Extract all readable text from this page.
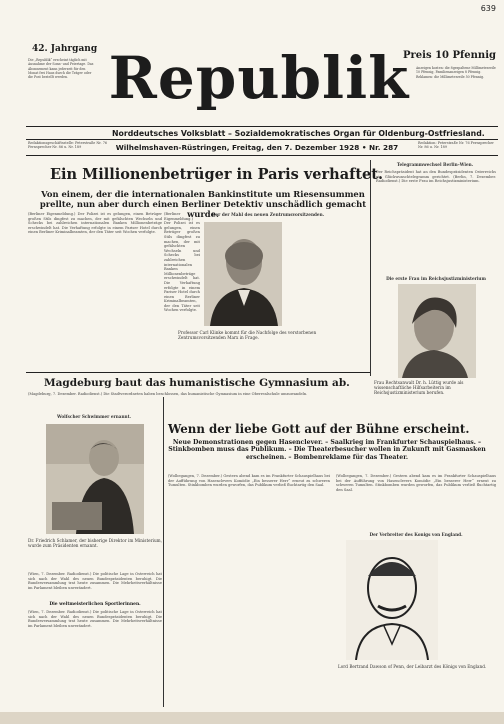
639
42. Jahrgang
Die „Republik“ erscheint täglich mit Ausnahme der Sonn- und Feiertage. Das Abonnement kann jederzeit für den Monat frei Haus durch die Träger oder die Post bestellt werden. Republik
Preis 10 Pfennig
Anzeigen kosten: die 8gespaltene Millimeterzeile 10 Pfennig, Familienanzeigen 8 Pfennig. Reklamen: die Millimeterzeile 50 Pfennig.
Norddeutsches Volksblatt – Sozialdemokratisches Organ für Oldenburg-Ostfriesland.
Redaktionsgeschäftsstelle: Peterstraße Nr. 76 Fernsprecher Nr. 86 u. Nr. 189	Wilhelmshaven-Rüstringen, Freitag, den 7. Dezember 1928 • Nr. 287	Redaktion: Peterstraße Nr. 76 Fernsprecher Nr. 86 u. Nr. 189
Ein Millionenbetrüger in Paris verhaftet.
Von einem, der die internationalen Bankinstitute um Riesensummen prellte, nun aber durch einen Berliner Detektiv unschädlich gemacht wurde.
(Berliner Eigenmeldung.) Der Polizei ist es gelungen, einen Betrüger großen Stils dingfest zu machen, der mit gefälschten Wechseln und Schecks bei zahlreichen internationalen Banken Millionenbeträge erschwindelt hat. Die Verhaftung erfolgte in einem Pariser Hotel durch einen Berliner Kriminalbeamten, der den Täter seit Wochen verfolgte.
Der der Mahl des neuen Zentrumsvorsitzenden.
Professor Carl Klinke kommt für die Nachfolge des verstorbenen Zentrumsvorsitzenden Marx in Frage.
(Berliner Eigenmeldung.) Der Polizei ist es gelungen, einen Betrüger großen Stils dingfest zu machen, der mit gefälschten Wechseln und Schecks bei zahlreichen internationalen Banken Millionenbeträge erschwindelt hat. Die Verhaftung erfolgte in einem Pariser Hotel durch einen Berliner Kriminalbeamten, der den Täter seit Wochen verfolgte.
Telegrammwechsel Berlin–Wien.
Der Reichspräsident hat an den Bundespräsidenten Österreichs ein Glückwunschtelegramm gerichtet. (Berlin, 7. Dezember. Radiodienst.) Die erste Frau im Reichsjustizministerium.
Die erste Frau im Reichsjustizministerium
Frau Rechtsanwalt Dr. h. Lüttig wurde als wissenschaftliche Hilfsarbeiterin im Reichsjustizministerium berufen.
Magdeburg baut das humanistische Gymnasium ab.
(Magdeburg, 7. Dezember. Radiodienst.) Die Stadtverordneten haben beschlossen, das humanistische Gymnasium in eine Oberrealschule umzuwandeln.
Wolfscher Schwimmer ernannt.
Dr. Friedrich Schlamer, der bisherige Direktor im Ministerium, wurde zum Präsidenten ernannt.
(Wien, 7. Dezember. Radiodienst.) Die politische Lage in Österreich hat sich nach der Wahl des neuen Bundespräsidenten beruhigt. Die Bundesversammlung trat heute zusammen. Die Mehrheitsverhältnisse im Parlament bleiben unverändert.
Die weltmeisterlichen Sportlerinnen.
(Wien, 7. Dezember. Radiodienst.) Die politische Lage in Österreich hat sich nach der Wahl des neuen Bundespräsidenten beruhigt. Die Bundesversammlung trat heute zusammen. Die Mehrheitsverhältnisse im Parlament bleiben unverändert.
Wenn der liebe Gott auf der Bühne erscheint.
Neue Demonstrationen gegen Hasenclever. – Saalkrieg im Frankfurter Schauspielhaus. – Stinkbomben muss das Publikum. – Die Theaterbesucher wollen in Zukunft mit Gasmasken erscheinen. – Bombenreklame für das Theater.
(Wolbegangen, 7. Dezember.) Gestern abend kam es im Frankfurter Schauspielhaus bei der Aufführung von Hasenclevers Komödie „Ein besserer Herr“ erneut zu schweren Tumulten. Stinkbomben wurden geworfen, das Publikum verließ fluchtartig den Saal.
(Wolbegangen, 7. Dezember.) Gestern abend kam es im Frankfurter Schauspielhaus bei der Aufführung von Hasenclevers Komödie „Ein besserer Herr“ erneut zu schweren Tumulten. Stinkbomben wurden geworfen, das Publikum verließ fluchtartig den Saal.
Der Verbreiter des Konigs von England.
Lord Bertrand Dawson of Penn, der Leibarzt des Königs von England.
